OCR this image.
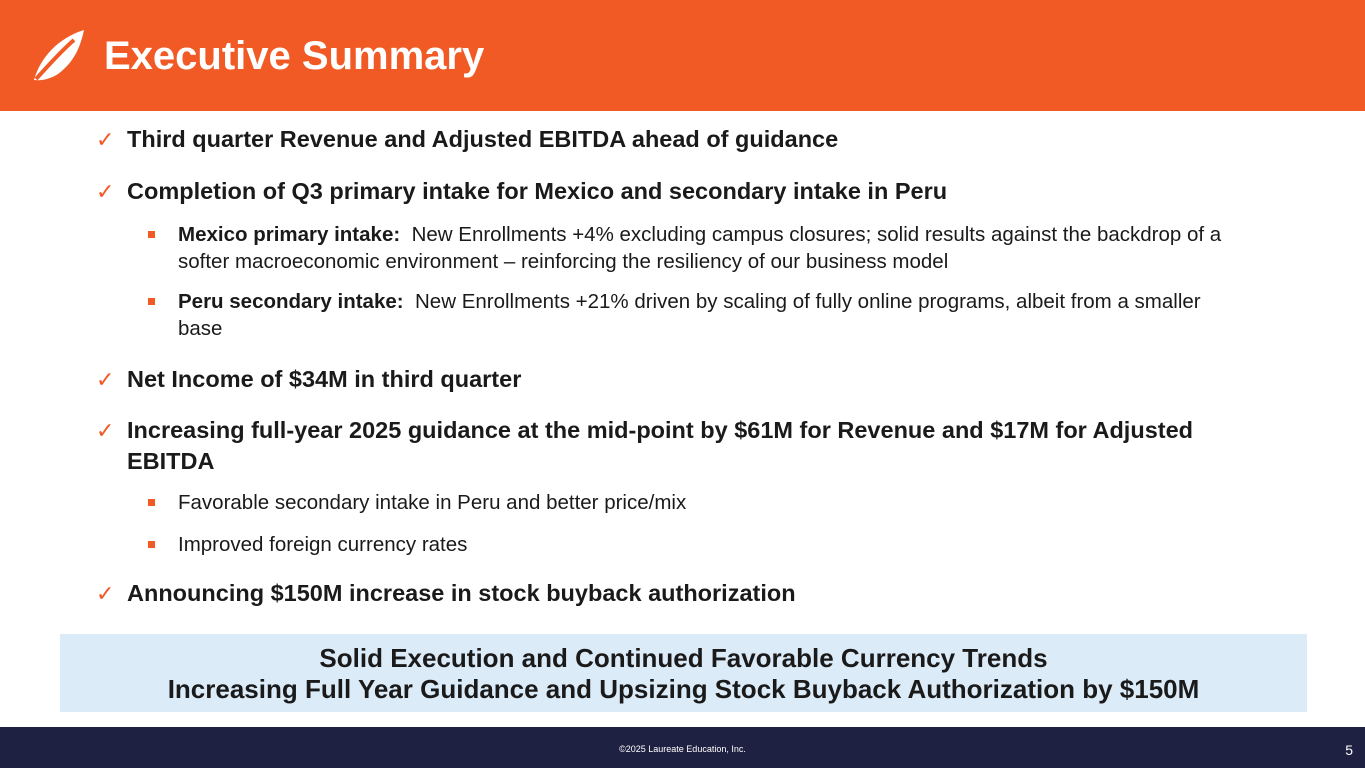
Executive Summary
✓ Third quarter Revenue and Adjusted EBITDA ahead of guidance
✓ Completion of Q3 primary intake for Mexico and secondary intake in Peru
Mexico primary intake: New Enrollments +4% excluding campus closures; solid results against the backdrop of a softer macroeconomic environment – reinforcing the resiliency of our business model
Peru secondary intake: New Enrollments +21% driven by scaling of fully online programs, albeit from a smaller base
✓ Net Income of $34M in third quarter
✓ Increasing full-year 2025 guidance at the mid-point by $61M for Revenue and $17M for Adjusted EBITDA
Favorable secondary intake in Peru and better price/mix
Improved foreign currency rates
✓ Announcing $150M increase in stock buyback authorization
Solid Execution and Continued Favorable Currency Trends
Increasing Full Year Guidance and Upsizing Stock Buyback Authorization by $150M
©2025 Laureate Education, Inc.	5
